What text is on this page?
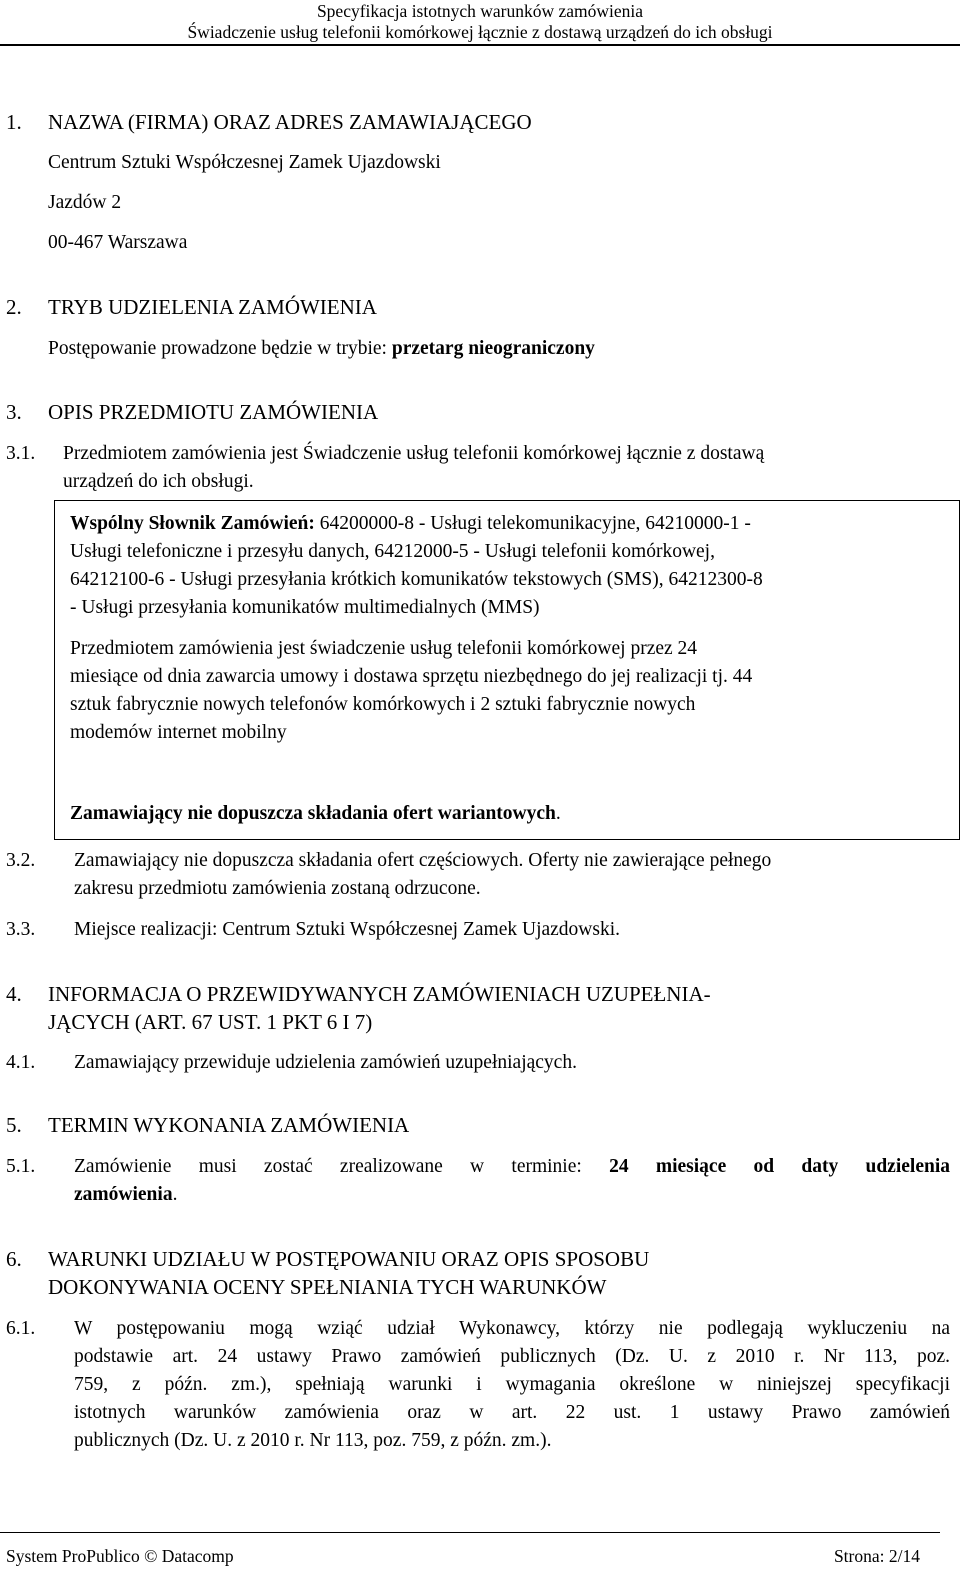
Specyfikacja istotnych warunków zamówienia
Świadczenie usług telefonii komórkowej łącznie z dostawą urządzeń do ich obsługi
1. NAZWA (FIRMA) ORAZ ADRES ZAMAWIAJĄCEGO
Centrum Sztuki Współczesnej Zamek Ujazdowski
Jazdów 2
00-467 Warszawa
2. TRYB UDZIELENIA ZAMÓWIENIA
Postępowanie prowadzone będzie w trybie: przetarg nieograniczony
3. OPIS PRZEDMIOTU ZAMÓWIENIA
3.1. Przedmiotem zamówienia jest Świadczenie usług telefonii komórkowej łącznie z dostawą
urządzeń do ich obsługi.
Wspólny Słownik Zamówień: 64200000-8 - Usługi telekomunikacyjne, 64210000-1 -
Usługi telefoniczne i przesyłu danych, 64212000-5 - Usługi telefonii komórkowej,
64212100-6 - Usługi przesyłania krótkich komunikatów tekstowych (SMS), 64212300-8
- Usługi przesyłania komunikatów multimedialnych (MMS)
Przedmiotem zamówienia jest świadczenie usług telefonii komórkowej przez 24
miesiące od dnia zawarcia umowy i dostawa sprzętu niezbędnego do jej realizacji tj. 44
sztuk fabrycznie nowych telefonów komórkowych i 2 sztuki fabrycznie nowych
modemów internet mobilny
Zamawiający nie dopuszcza składania ofert wariantowych.
3.2. Zamawiający nie dopuszcza składania ofert częściowych. Oferty nie zawierające pełnego
zakresu przedmiotu zamówienia zostaną odrzucone.
3.3. Miejsce realizacji: Centrum Sztuki Współczesnej Zamek Ujazdowski.
4. INFORMACJA O PRZEWIDYWANYCH ZAMÓWIENIACH UZUPEŁNIA-
JĄCYCH (ART. 67 UST. 1 PKT 6 I 7)
4.1. Zamawiający przewiduje udzielenia zamówień uzupełniających.
5. TERMIN WYKONANIA ZAMÓWIENIA
5.1. Zamówienie musi zostać zrealizowane w terminie: 24 miesiące od daty udzielenia
zamówienia.
6. WARUNKI UDZIAŁU W POSTĘPOWANIU ORAZ OPIS SPOSOBU
DOKONYWANIA OCENY SPEŁNIANIA TYCH WARUNKÓW
6.1. W postępowaniu mogą wziąć udział Wykonawcy, którzy nie podlegają wykluczeniu na
podstawie art. 24 ustawy Prawo zamówień publicznych (Dz. U. z 2010 r. Nr 113, poz.
759, z późn. zm.), spełniają warunki i wymagania określone w niniejszej specyfikacji
istotnych warunków zamówienia oraz w art. 22 ust. 1 ustawy Prawo zamówień
publicznych (Dz. U. z 2010 r. Nr 113, poz. 759, z późn. zm.).
System ProPublico © Datacomp	Strona: 2/14
